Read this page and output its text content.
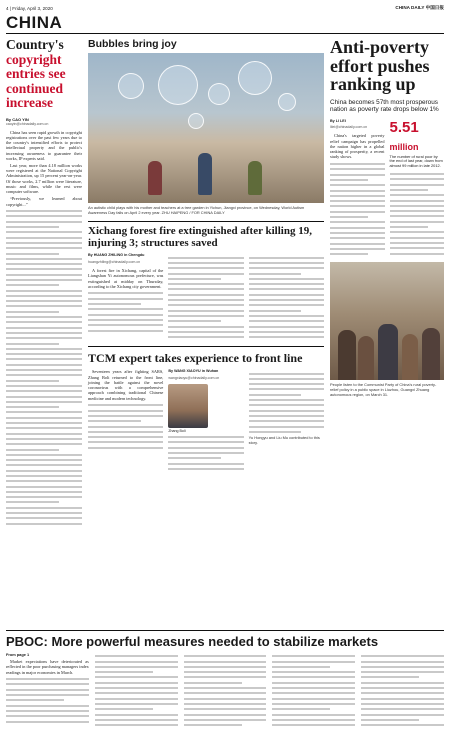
4 | Friday, April 3, 2020	CHINA DAILY 中国日报
CHINA
Country's copyright entries see continued increase
By CAO YIN
caoyin@chinadaily.com.cn

China has seen rapid growth in copyright registrations over the past few years due to the country's intensified efforts to protect intellectual property and the public's increasing awareness to guarantee their works, IP experts said.

Last year, more than 4.18 million works were registered at the National Copyright Administration, up 15 percent year-on-year. Of those works, 2.7 million were literature, music and films, while the rest were computer software.

“Previously, we learned about copyright...”

Bubbles bring joy
An autistic child plays with his mother and teachers at a tree garden in Yichun, Jiangxi province, on Wednesday, World Autism Awareness Day falls on April 2 every year. ZHU HAIPENG / FOR CHINA DAILY
Xichang forest fire extinguished after killing 19, injuring 3; structures saved
By HUANG ZHILING in Chengdu
huangzhiling@chinadaily.com.cn

A forest fire in Xichang, capital of the Liangshan Yi autonomous prefecture, was extinguished at midday on Thursday, according to the Xichang city government.

TCM expert takes experience to front line

Seventeen years after fighting SARS, Zhang Boli returned to the front line, joining the battle against the novel coronavirus with a comprehensive approach combining traditional Chinese medicine and modern technology.

By WANG XIAOYU in Wuhan
wangxiaoyu@chinadaily.com.cn
Zhang Boli
Yu Hongyu and Liu Mu contributed to this story.
Anti-poverty effort pushes ranking up
China becomes 57th most prosperous nation as poverty rate drops below 1%
By LI LEI
lilei@chinadaily.com.cn

China's targeted poverty relief campaign has propelled the nation higher in a global ranking of prosperity, a recent study shows.

5.51 million
The number of rural poor by the end of last year, down from almost 99 million in late 2012.
People listen to the Communist Party of China's rural poverty-relief policy in a public space in Liuzhou, Guangxi Zhuang autonomous region, on March 31.
PBOC: More powerful measures needed to stabilize markets
From page 1

Market expectations have deteriorated as reflected in the poor purchasing managers index readings in major economies in March.
